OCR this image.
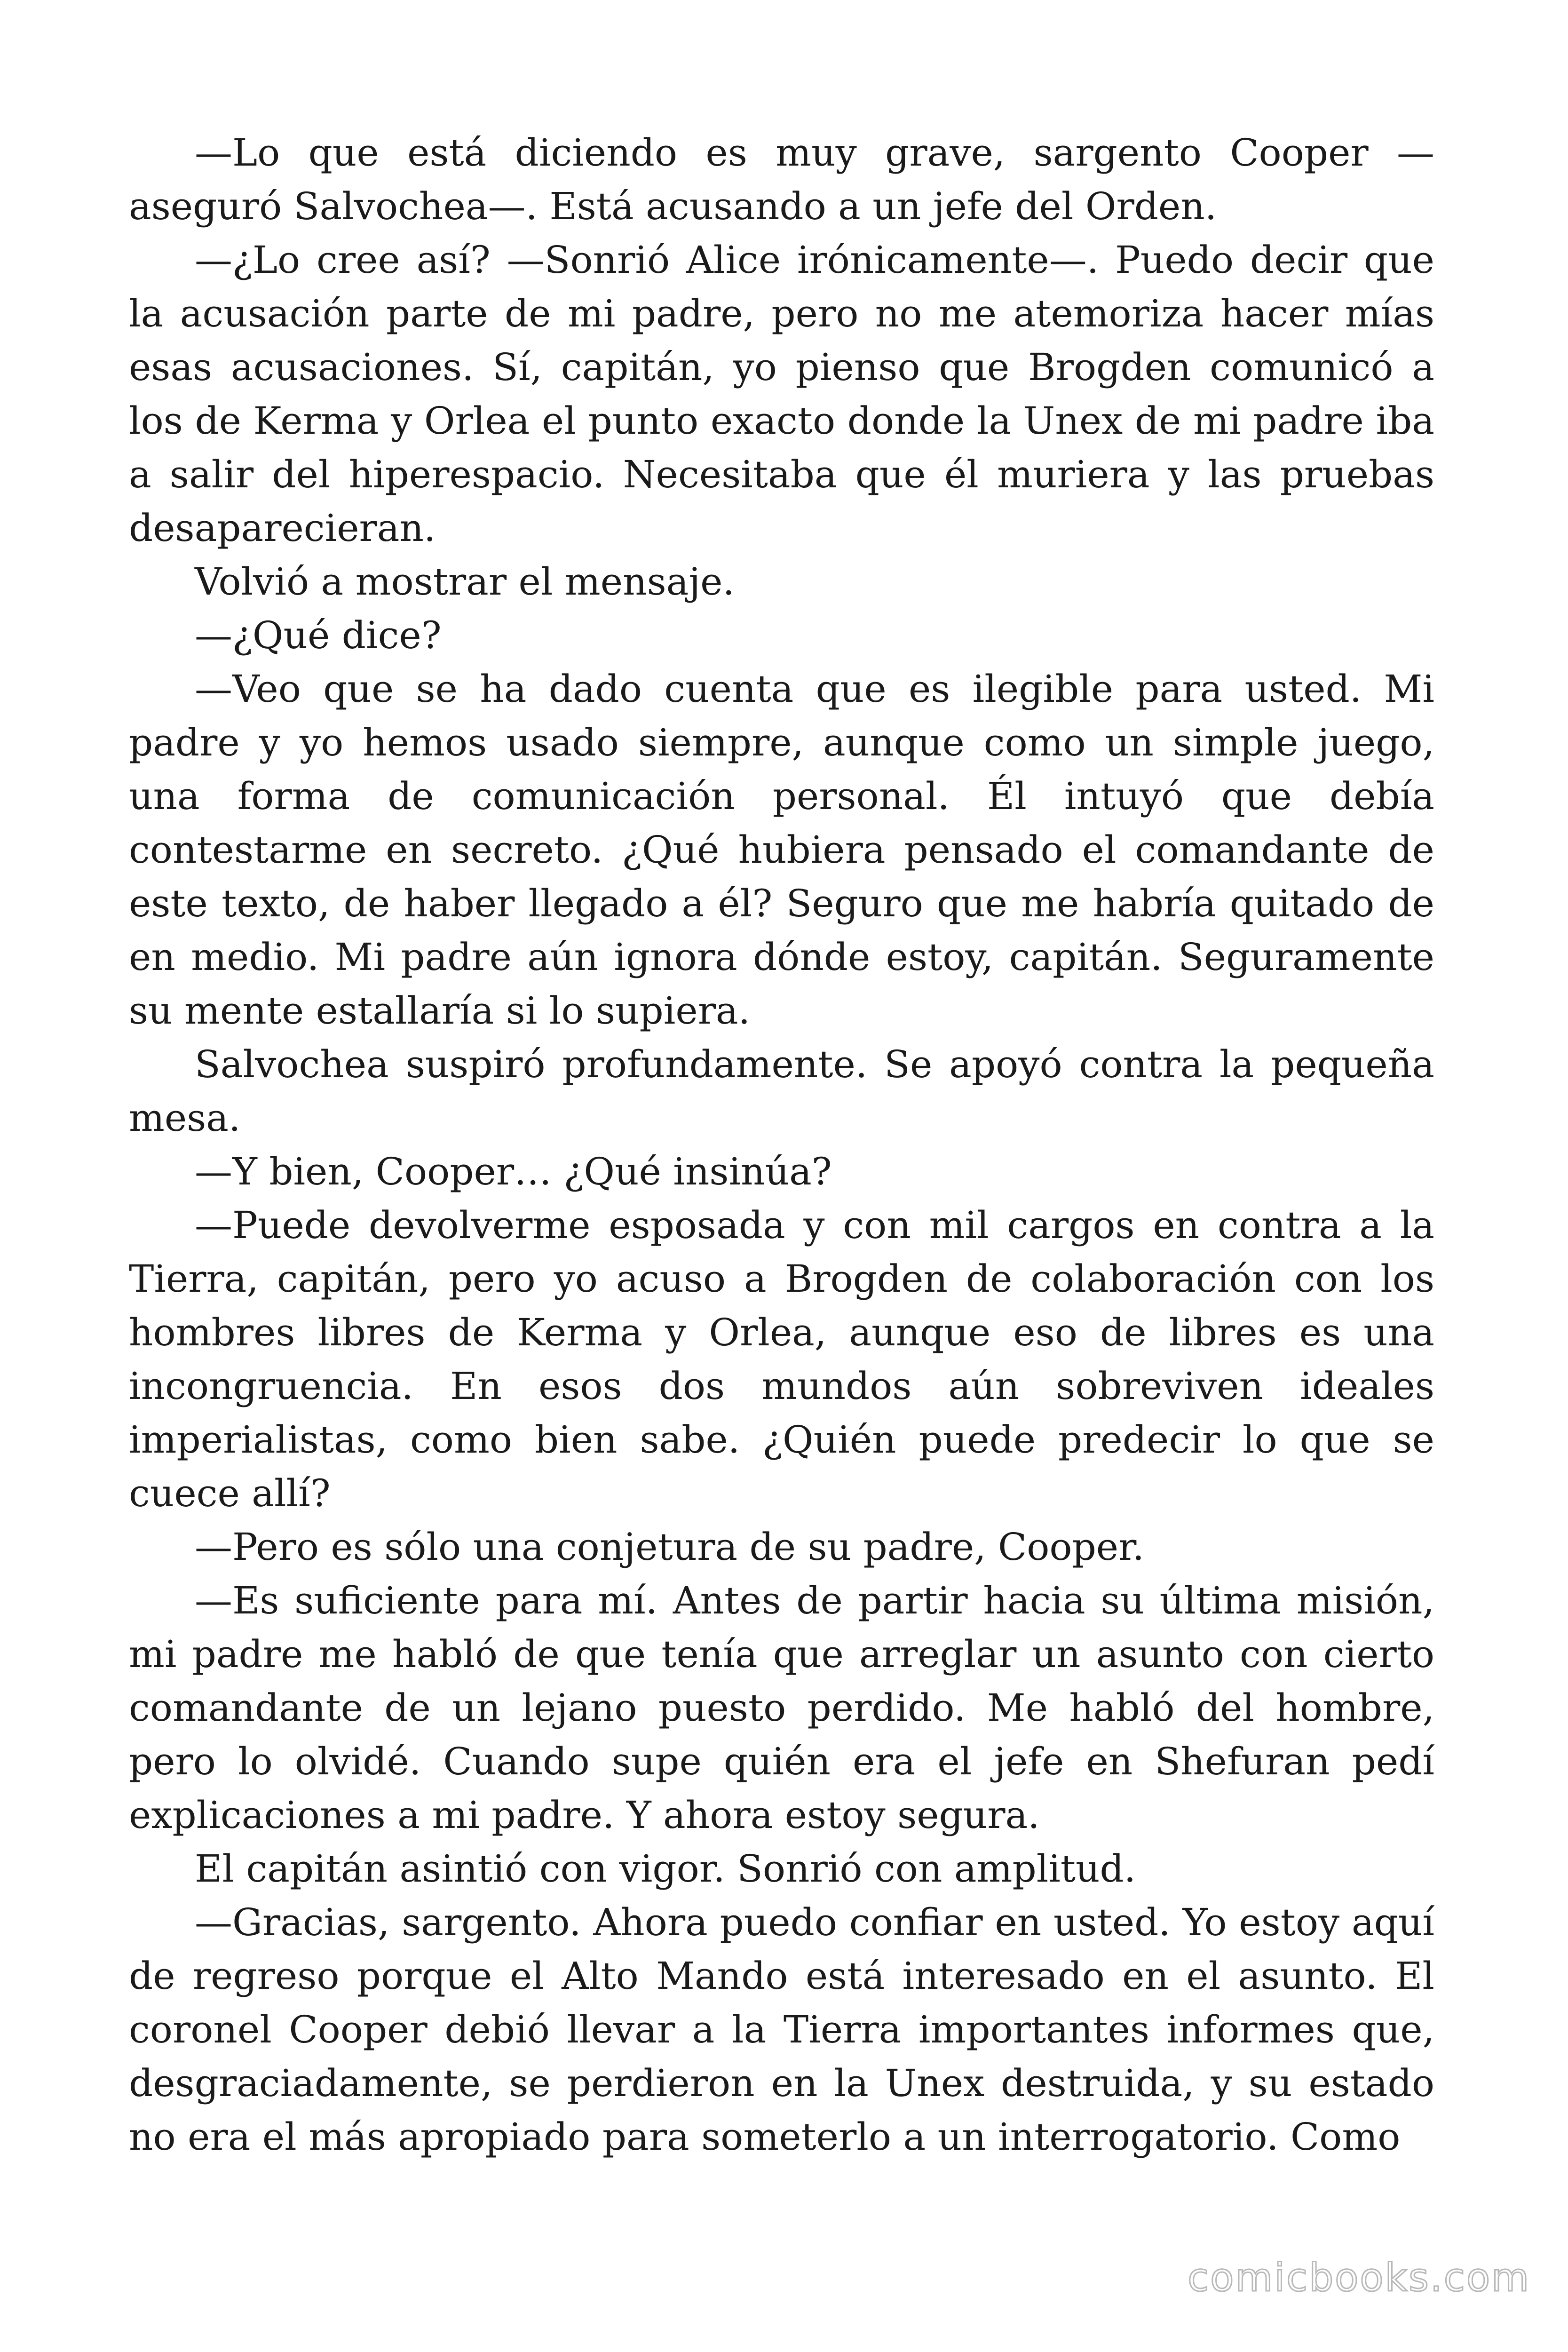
—Lo que está diciendo es muy grave, sargento Cooper —aseguró Salvochea—. Está acusando a un jefe del Orden.

—¿Lo cree así? —Sonrió Alice irónicamente—. Puedo decir que la acusación parte de mi padre, pero no me atemoriza hacer mías esas acusaciones. Sí, capitán, yo pienso que Brogden comunicó a los de Kerma y Orlea el punto exacto donde la Unex de mi padre iba a salir del hiperespacio. Necesitaba que él muriera y las pruebas desaparecieran.

Volvió a mostrar el mensaje.

—¿Qué dice?

—Veo que se ha dado cuenta que es ilegible para usted. Mi padre y yo hemos usado siempre, aunque como un simple juego, una forma de comunicación personal. Él intuyó que debía contestarme en secreto. ¿Qué hubiera pensado el comandante de este texto, de haber llegado a él? Seguro que me habría quitado de en medio. Mi padre aún ignora dónde estoy, capitán. Seguramente su mente estallaría si lo supiera.

Salvochea suspiró profundamente. Se apoyó contra la pequeña mesa.

—Y bien, Cooper… ¿Qué insinúa?

—Puede devolverme esposada y con mil cargos en contra a la Tierra, capitán, pero yo acuso a Brogden de colaboración con los hombres libres de Kerma y Orlea, aunque eso de libres es una incongruencia. En esos dos mundos aún sobreviven ideales imperialistas, como bien sabe. ¿Quién puede predecir lo que se cuece allí?

—Pero es sólo una conjetura de su padre, Cooper.

—Es suficiente para mí. Antes de partir hacia su última misión, mi padre me habló de que tenía que arreglar un asunto con cierto comandante de un lejano puesto perdido. Me habló del hombre, pero lo olvidé. Cuando supe quién era el jefe en Shefuran pedí explicaciones a mi padre. Y ahora estoy segura.

El capitán asintió con vigor. Sonrió con amplitud.

—Gracias, sargento. Ahora puedo confiar en usted. Yo estoy aquí de regreso porque el Alto Mando está interesado en el asunto. El coronel Cooper debió llevar a la Tierra importantes informes que, desgraciadamente, se perdieron en la Unex destruida, y su estado no era el más apropiado para someterlo a un interrogatorio. Como

comicbooks.com
